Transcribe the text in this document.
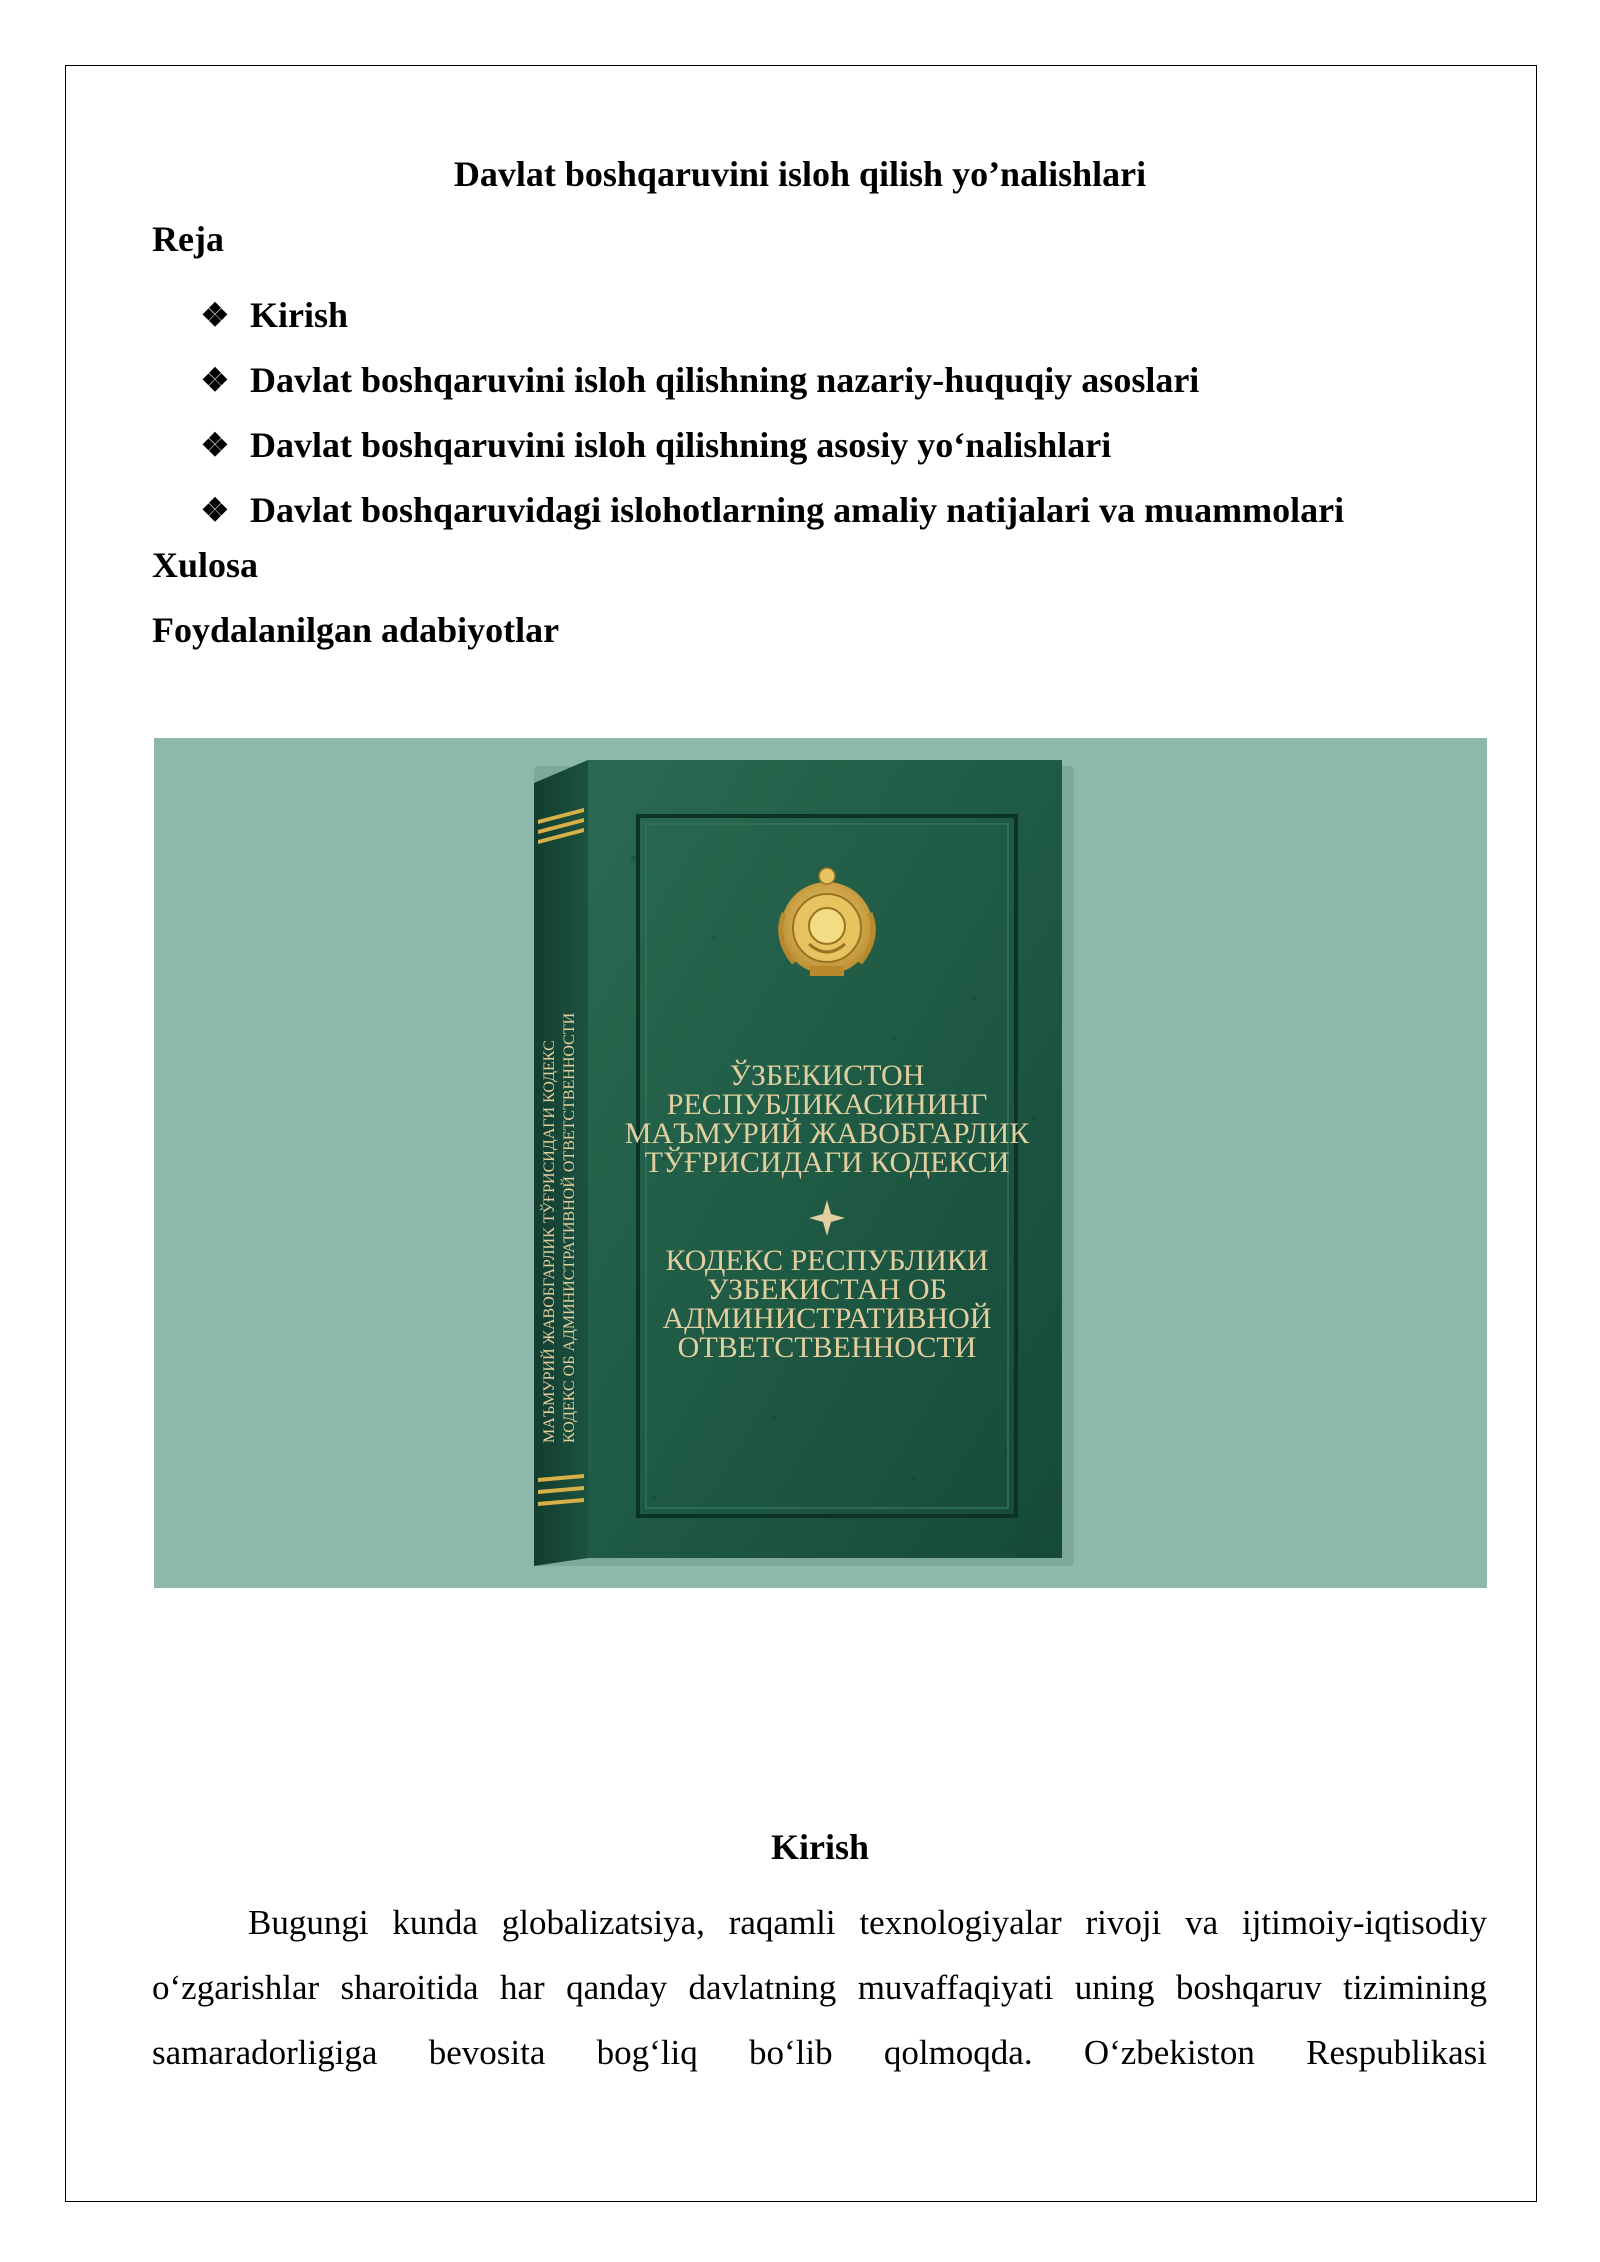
Davlat boshqaruvini isloh qilish yo’nalishlari

Reja

❖ Kirish
❖ Davlat boshqaruvini isloh qilishning nazariy-huquqiy asoslari
❖ Davlat boshqaruvini isloh qilishning asosiy yo‘nalishlari
❖ Davlat boshqaruvidagi islohotlarning amaliy natijalari va muammolari

Xulosa

Foydalanilgan adabiyotlar

МАЪМУРИЙ ЖАВОБГАРЛИК ТЎҒРИСИДАГИ КОДЕКС КОДЕКС ОБ АДМИНИСТРАТИВНОЙ ОТВЕТСТВЕННОСТИ	ЎЗБЕКИСТОН
РЕСПУБЛИКАСИНИНГ
МАЪМУРИЙ ЖАВОБГАРЛИК
ТЎҒРИСИДАГИ КОДЕКСИ
КОДЕКС РЕСПУБЛИКИ
УЗБЕКИСТАН ОБ
АДМИНИСТРАТИВНОЙ
ОТВЕТСТВЕННОСТИ
Kirish
Bugungi kunda globalizatsiya, raqamli texnologiyalar rivoji va ijtimoiy-iqtisodiy
o‘zgarishlar sharoitida har qanday davlatning muvaffaqiyati uning boshqaruv tizimining
samaradorligiga bevosita bog‘liq bo‘lib qolmoqda. O‘zbekiston Respublikasi
